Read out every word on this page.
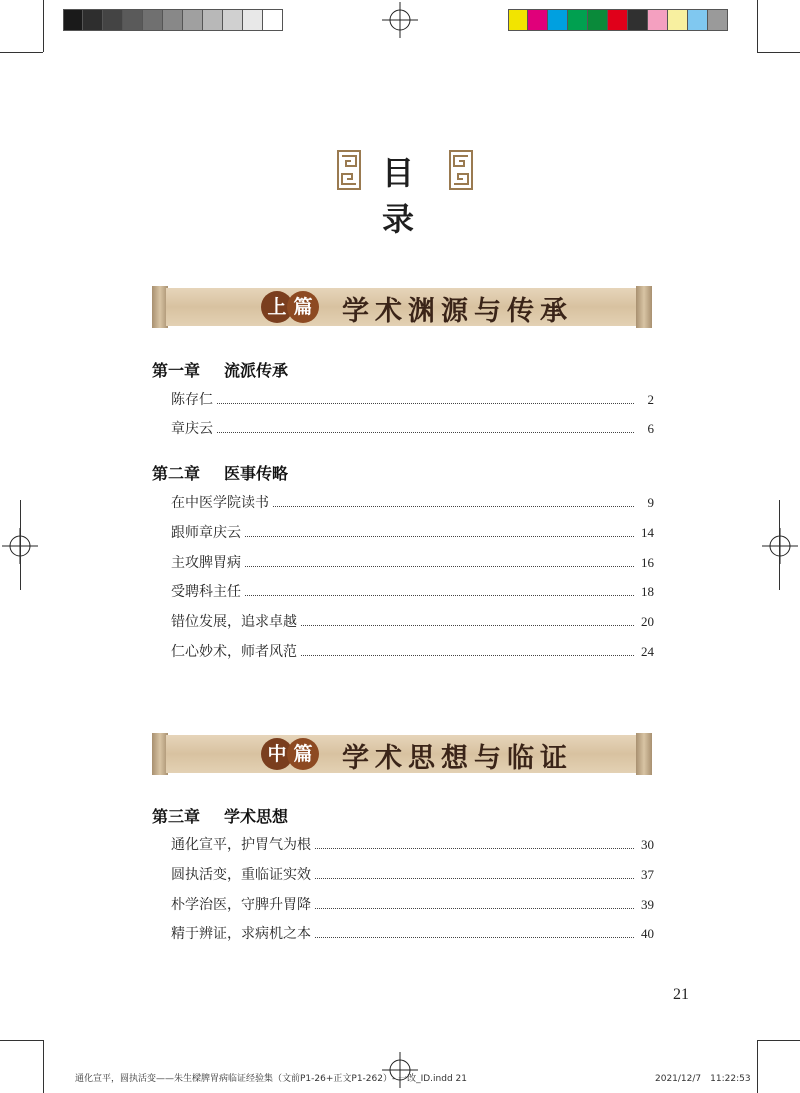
目 录
上 篇 学术渊源与传承
第一章 流派传承
陈存仁	2
章庆云	6
第二章 医事传略
在中医学院读书	9
跟师章庆云	14
主攻脾胃病	16
受聘科主任	18
错位发展，追求卓越	20
仁心妙术，师者风范	24
中 篇 学术思想与临证
第三章 学术思想
通化宣平，护胃气为根	30
圆执活变，重临证实效	37
朴学治医，守脾升胃降	39
精于辨证，求病机之本	40
21
通化宣平，圆执活变——朱生樑脾胃病临证经验集（文前P1-26+正文P1-262）- 一改_ID.indd 21	2021/12/7　11:22:53
